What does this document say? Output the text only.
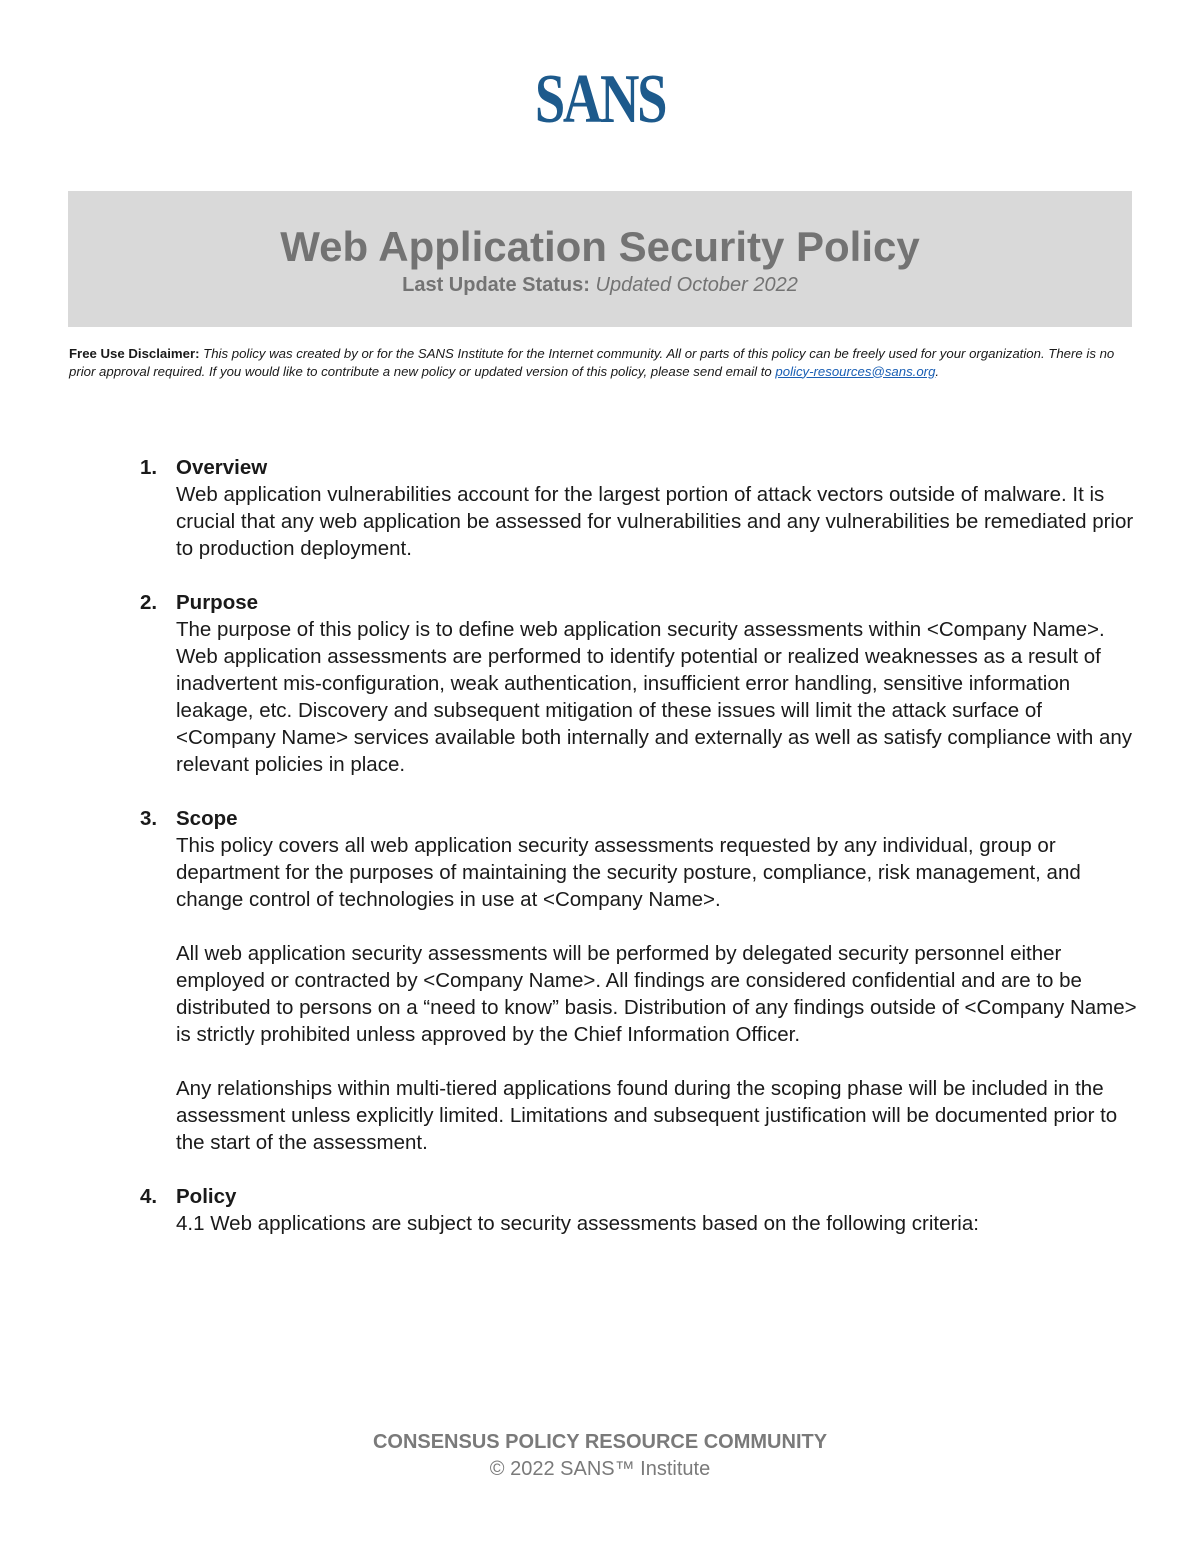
SANS
Web Application Security Policy
Last Update Status: Updated October 2022
Free Use Disclaimer: This policy was created by or for the SANS Institute for the Internet community. All or parts of this policy can be freely used for your organization. There is no prior approval required. If you would like to contribute a new policy or updated version of this policy, please send email to policy-resources@sans.org.
1. Overview

Web application vulnerabilities account for the largest portion of attack vectors outside of malware. It is crucial that any web application be assessed for vulnerabilities and any vulnerabilities be remediated prior to production deployment.

2. Purpose

The purpose of this policy is to define web application security assessments within <Company Name>. Web application assessments are performed to identify potential or realized weaknesses as a result of inadvertent mis-configuration, weak authentication, insufficient error handling, sensitive information leakage, etc. Discovery and subsequent mitigation of these issues will limit the attack surface of <Company Name> services available both internally and externally as well as satisfy compliance with any relevant policies in place.

3. Scope

This policy covers all web application security assessments requested by any individual, group or department for the purposes of maintaining the security posture, compliance, risk management, and change control of technologies in use at <Company Name>.

All web application security assessments will be performed by delegated security personnel either employed or contracted by <Company Name>. All findings are considered confidential and are to be distributed to persons on a “need to know” basis. Distribution of any findings outside of <Company Name> is strictly prohibited unless approved by the Chief Information Officer.

Any relationships within multi-tiered applications found during the scoping phase will be included in the assessment unless explicitly limited. Limitations and subsequent justification will be documented prior to the start of the assessment.

4. Policy

4.1 Web applications are subject to security assessments based on the following criteria:

CONSENSUS POLICY RESOURCE COMMUNITY
© 2022 SANS™ Institute
